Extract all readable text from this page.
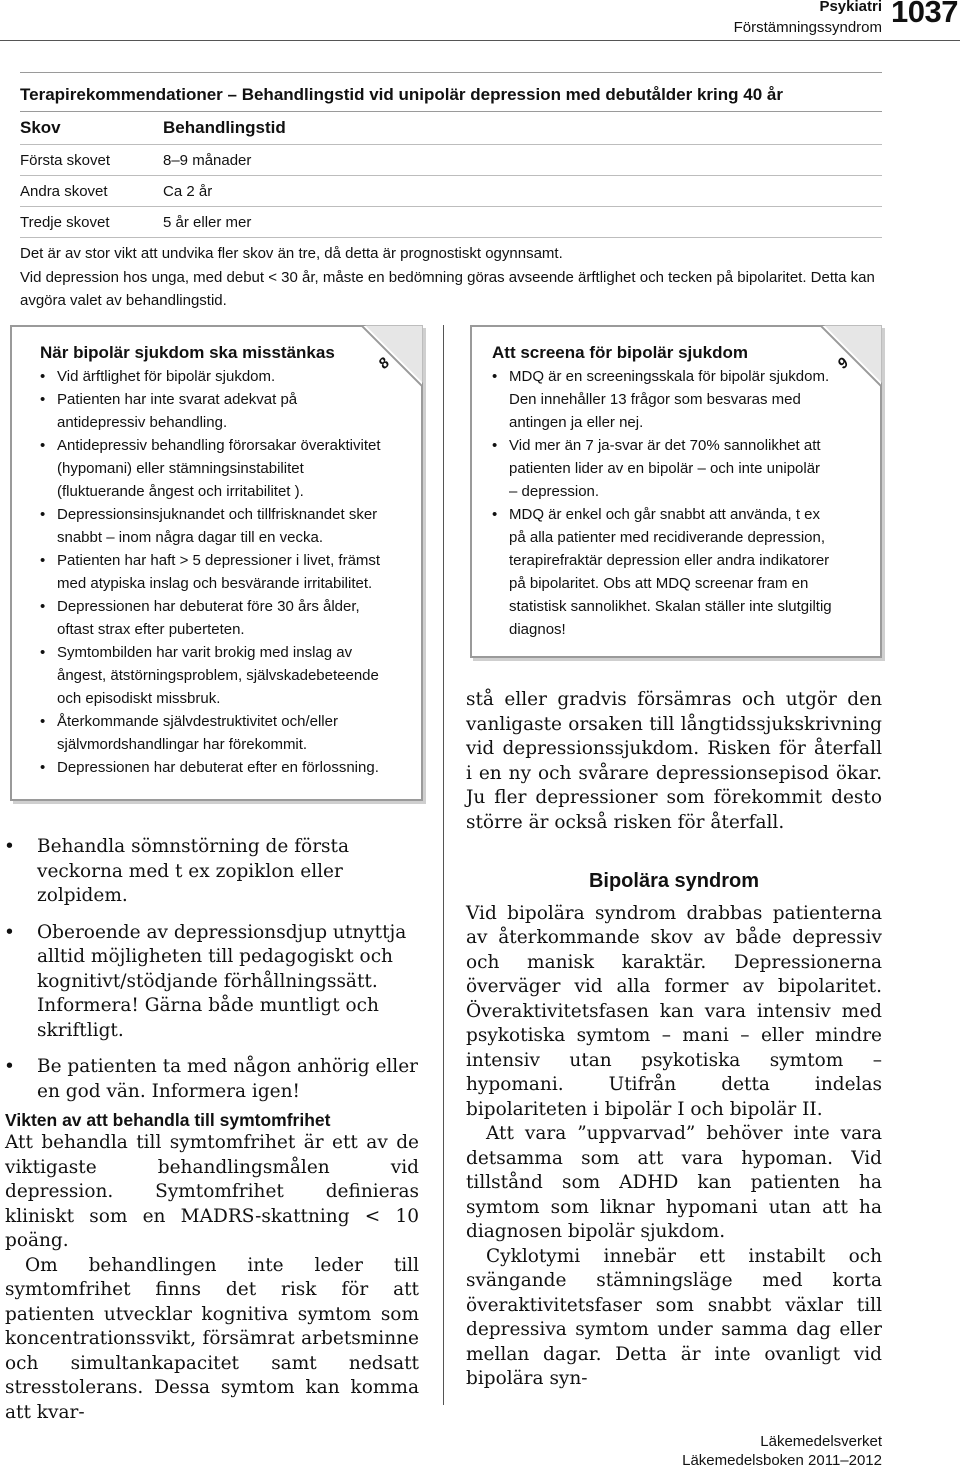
Psykiatri
Förstämningssyndrom 1037
Terapirekommendationer – Behandlingstid vid unipolär depression med debutålder kring 40 år
Skov	Behandlingstid
Första skovet	8–9 månader
Andra skovet	Ca 2 år
Tredje skovet	5 år eller mer
Det är av stor vikt att undvika fler skov än tre, då detta är prognostiskt ogynnsamt.
Vid depression hos unga, med debut < 30 år, måste en bedömning göras avseende ärftlighet och tecken på bipolaritet. Detta kan avgöra valet av behandlingstid.
8
När bipolär sjukdom ska misstänkas
• Vid ärftlighet för bipolär sjukdom.
• Patienten har inte svarat adekvat på antidepressiv behandling.
• Antidepressiv behandling förorsakar överaktivitet (hypomani) eller stämningsinstabilitet (fluktuerande ångest och irritabilitet ).
• Depressionsinsjuknandet och tillfrisknandet sker snabbt – inom några dagar till en vecka.
• Patienten har haft > 5 depressioner i livet, främst med atypiska inslag och besvärande irritabilitet.
• Depressionen har debuterat före 30 års ålder, oftast strax efter puberteten.
• Symtombilden har varit brokig med inslag av ångest, ätstörningsproblem, självskadebeteende och episodiskt missbruk.
• Återkommande självdestruktivitet och/eller självmordshandlingar har förekommit.
• Depressionen har debuterat efter en förlossning.
9
Att screena för bipolär sjukdom
• MDQ är en screeningsskala för bipolär sjukdom. Den innehåller 13 frågor som besvaras med antingen ja eller nej.
• Vid mer än 7 ja-svar är det 70% sannolikhet att patienten lider av en bipolär – och inte unipolär – depression.
• MDQ är enkel och går snabbt att använda, t ex på alla patienter med recidiverande depression, terapirefraktär depression eller andra indikatorer på bipolaritet. Obs att MDQ screenar fram en statistisk sannolikhet. Skalan ställer inte slutgiltig diagnos!
• Behandla sömnstörning de första veckorna med t ex zopiklon eller zolpidem.
• Oberoende av depressionsdjup utnyttja alltid möjligheten till pedagogiskt och kognitivt/stödjande förhållningssätt. Informera! Gärna både muntligt och skriftligt.
• Be patienten ta med någon anhörig eller en god vän. Informera igen!
Vikten av att behandla till symtomfrihet

Att behandla till symtomfrihet är ett av de viktigaste behandlingsmålen vid depression. Symtomfrihet definieras kliniskt som en MADRS-skattning < 10 poäng.

Om behandlingen inte leder till symtomfrihet finns det risk för att patienten utvecklar kognitiva symtom som koncentrationssvikt, försämrat arbetsminne och simultankapacitet samt nedsatt stresstolerans. Dessa symtom kan komma att kvar-

stå eller gradvis försämras och utgör den vanligaste orsaken till långtidssjukskrivning vid depressionssjukdom. Risken för återfall i en ny och svårare depressionsepisod ökar. Ju fler depressioner som förekommit desto större är också risken för återfall.

Bipolära syndrom

Vid bipolära syndrom drabbas patienterna av återkommande skov av både depressiv och manisk karaktär. Depressionerna överväger vid alla former av bipolaritet. Överaktivitetsfasen kan vara intensiv med psykotiska symtom – mani – eller mindre intensiv utan psykotiska symtom – hypomani. Utifrån detta indelas bipolariteten i bipolär I och bipolär II.

Att vara ”uppvarvad” behöver inte vara detsamma som att vara hypoman. Vid tillstånd som ADHD kan patienten ha symtom som liknar hypomani utan att ha diagnosen bipolär sjukdom.

Cyklotymi innebär ett instabilt och svängande stämningsläge med korta överaktivitetsfaser som snabbt växlar till depressiva symtom under samma dag eller mellan dagar. Detta är inte ovanligt vid bipolära syn-

Läkemedelsverket
Läkemedelsboken 2011–2012
